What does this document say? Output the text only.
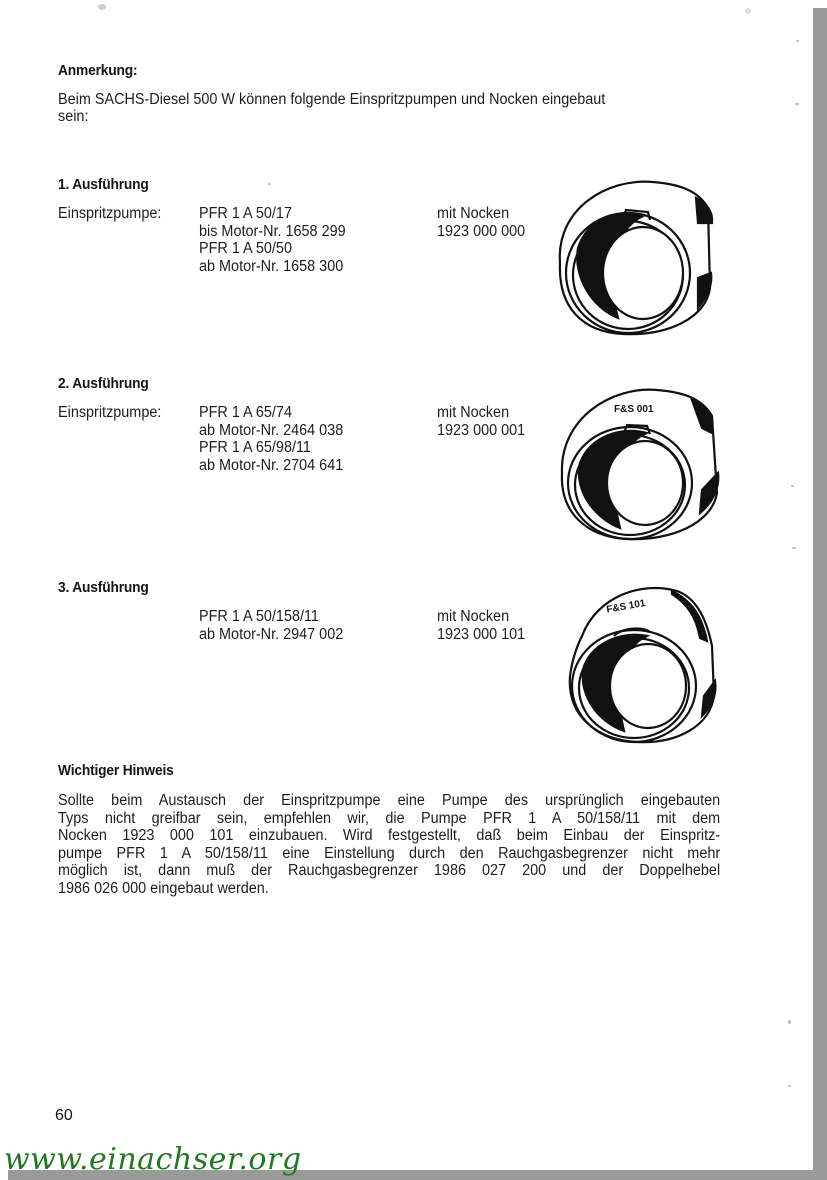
Anmerkung:
Beim SACHS-Diesel 500 W können folgende Einspritzpumpen und Nocken eingebaut
sein:
1. Ausführung
Einspritzpumpe: PFR 1 A 50/17
bis Motor-Nr. 1658 299
PFR 1 A 50/50
ab Motor-Nr. 1658 300
mit Nocken
1923 000 000
2. Ausführung
Einspritzpumpe: PFR 1 A 65/74
ab Motor-Nr. 2464 038
PFR 1 A 65/98/11
ab Motor-Nr. 2704 641
mit Nocken
1923 000 001
F&S 001
3. Ausführung
PFR 1 A 50/158/11
ab Motor-Nr. 2947 002
mit Nocken
1923 000 101
F&S 101
Wichtiger Hinweis
Sollte beim Austausch der Einspritzpumpe eine Pumpe des ursprünglich eingebauten
Typs nicht greifbar sein, empfehlen wir, die Pumpe PFR 1 A 50/158/11 mit dem
Nocken 1923 000 101 einzubauen. Wird festgestellt, daß beim Einbau der Einspritz-
pumpe PFR 1 A 50/158/11 eine Einstellung durch den Rauchgasbegrenzer nicht mehr
möglich ist, dann muß der Rauchgasbegrenzer 1986 027 200 und der Doppelhebel
1986 026 000 eingebaut werden.
60
www.einachser.org
